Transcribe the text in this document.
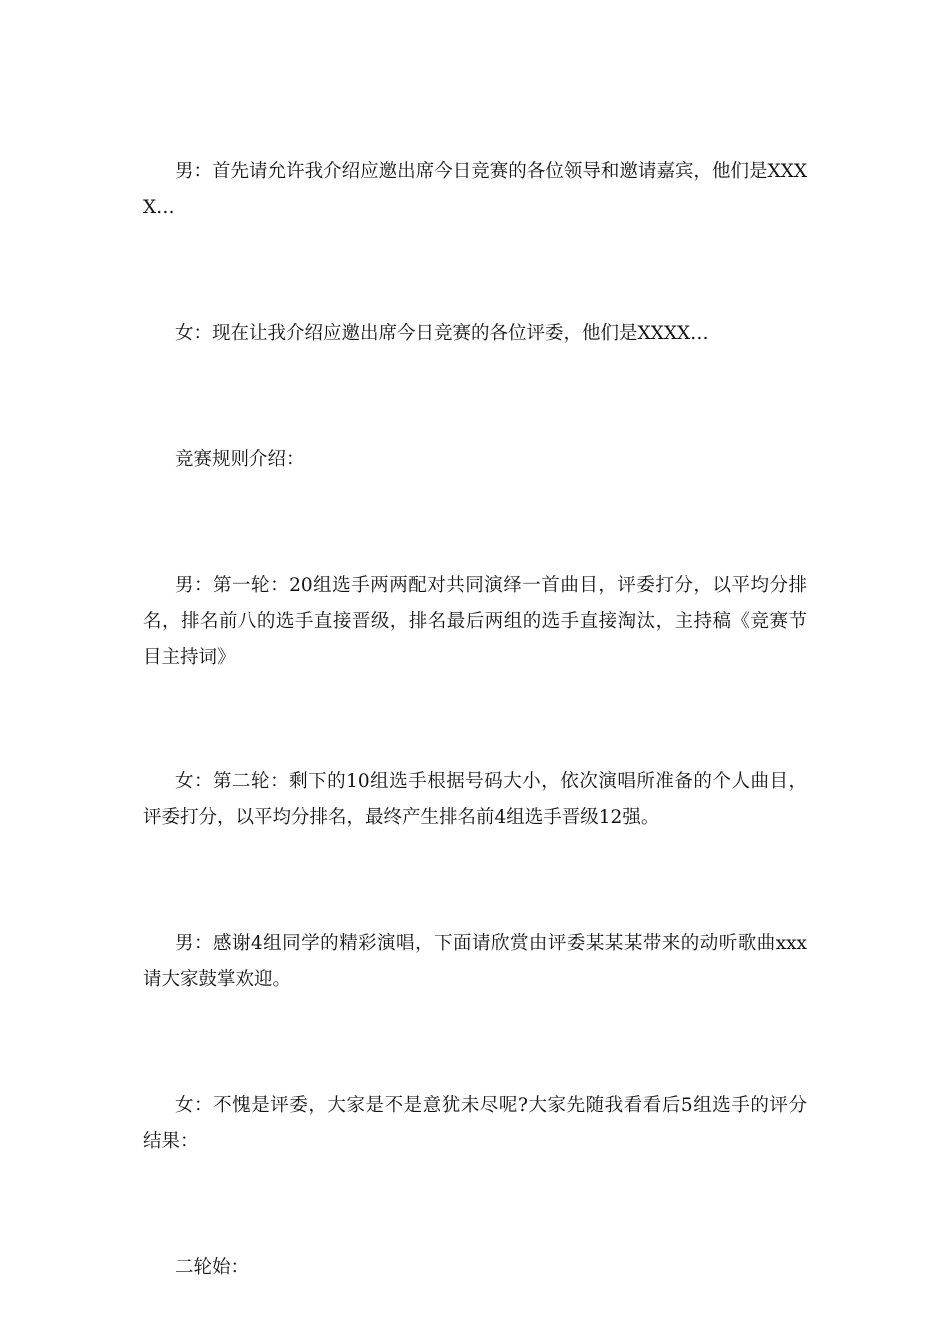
男：首先请允许我介绍应邀出席今日竞赛的各位领导和邀请嘉宾，他们是XXXX…

女：现在让我介绍应邀出席今日竞赛的各位评委，他们是XXXX…

竞赛规则介绍：

男：第一轮：20组选手两两配对共同演绎一首曲目，评委打分，以平均分排名，排名前八的选手直接晋级，排名最后两组的选手直接淘汰，主持稿《竞赛节目主持词》

女：第二轮：剩下的10组选手根据号码大小，依次演唱所准备的个人曲目，评委打分，以平均分排名，最终产生排名前4组选手晋级12强。

男：感谢4组同学的精彩演唱，下面请欣赏由评委某某某带来的动听歌曲xxx请大家鼓掌欢迎。

女：不愧是评委，大家是不是意犹未尽呢?大家先随我看看后5组选手的评分结果：

二轮始：
